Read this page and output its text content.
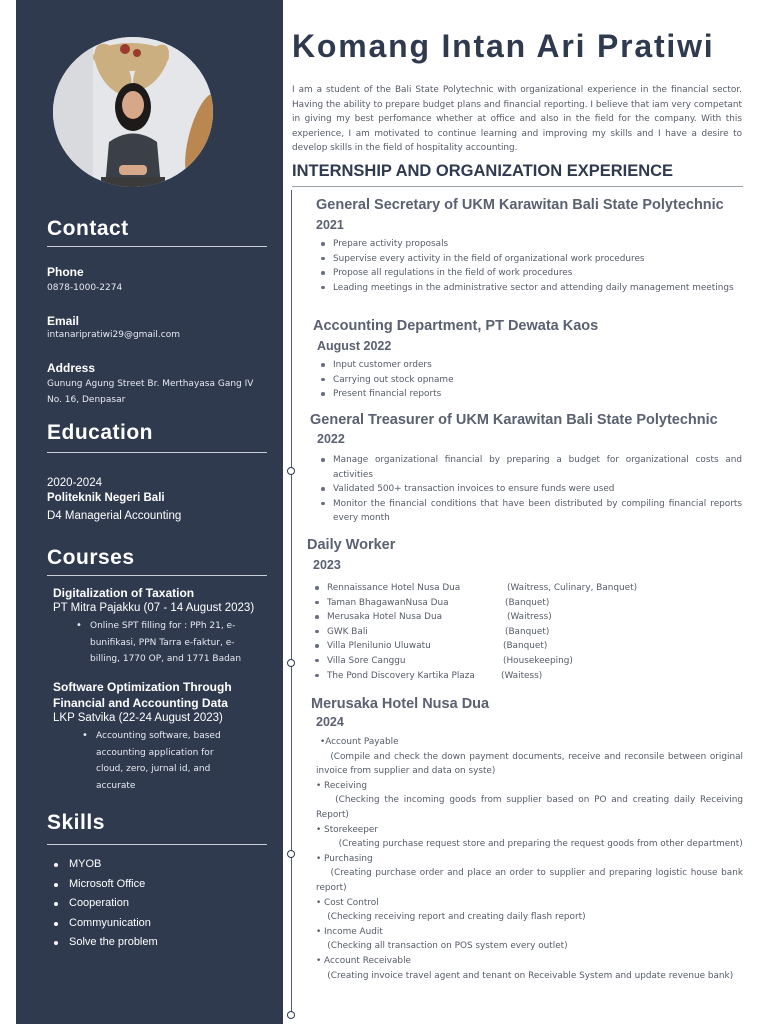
Contact
Phone
0878-1000-2274
Email
intanaripratiwi29@gmail.com
Address
Gunung Agung Street Br. Merthayasa Gang IV
No. 16, Denpasar
Education
2020-2024
Politeknik Negeri Bali
D4 Managerial Accounting
Courses
Digitalization of Taxation
PT Mitra Pajakku (07 - 14 August 2023)
• Online SPT filling for : PPh 21, e-
bunifikasi, PPN Tarra e-faktur, e-
billing, 1770 OP, and 1771 Badan
Software Optimization Through
Financial and Accounting Data
LKP Satvika (22-24 August 2023)
• Accounting software, based
accounting application for
cloud, zero, jurnal id, and
accurate
Skills
MYOB
Microsoft Office
Cooperation
Commyunication
Solve the problem
Komang Intan Ari Pratiwi

I am a student of the Bali State Polytechnic with organizational experience in the financial sector. Having the ability to prepare budget plans and financial reporting. I believe that iam very competant in giving my best perfomance whether at office and also in the field for the company. With this experience, I am motivated to continue learning and improving my skills and I have a desire to develop skills in the field of hospitality accounting.

INTERNSHIP AND ORGANIZATION EXPERIENCE
General Secretary of UKM Karawitan Bali State Polytechnic
2021
Prepare activity proposals
Supervise every activity in the field of organizational work procedures
Propose all regulations in the field of work procedures
Leading meetings in the administrative sector and attending daily management meetings
Accounting Department, PT Dewata Kaos
August 2022
Input customer orders
Carrying out stock opname
Present financial reports
General Treasurer of UKM Karawitan Bali State Polytechnic
2022
Manage organizational financial by preparing a budget for organizational costs and activities
Validated 500+ transaction invoices to ensure funds were used
Monitor the financial conditions that have been distributed by compiling financial reports every month
Daily Worker
2023
Rennaissance Hotel Nusa Dua	(Waitress, Culinary, Banquet)
Taman BhagawanNusa Dua	(Banquet)
Merusaka Hotel Nusa Dua	(Waitress)
GWK Bali	(Banquet)
Villa Plenilunio Uluwatu	(Banquet)
Villa Sore Canggu	(Housekeeping)
The Pond Discovery Kartika Plaza	(Waitess)
Merusaka Hotel Nusa Dua
2024
•Account Payable
(Compile and check the down payment documents, receive and reconsile between original invoice from supplier and data on syste)
• Receiving
(Checking the incoming goods from supplier based on PO and creating daily Receiving Report)
• Storekeeper
(Creating purchase request store and preparing the request goods from other department)
• Purchasing
(Creating purchase order and place an order to supplier and preparing logistic house bank report)
• Cost Control
(Checking receiving report and creating daily flash report)
• Income Audit
(Checking all transaction on POS system every outlet)
• Account Receivable
(Creating invoice travel agent and tenant on Receivable System and update revenue bank)
